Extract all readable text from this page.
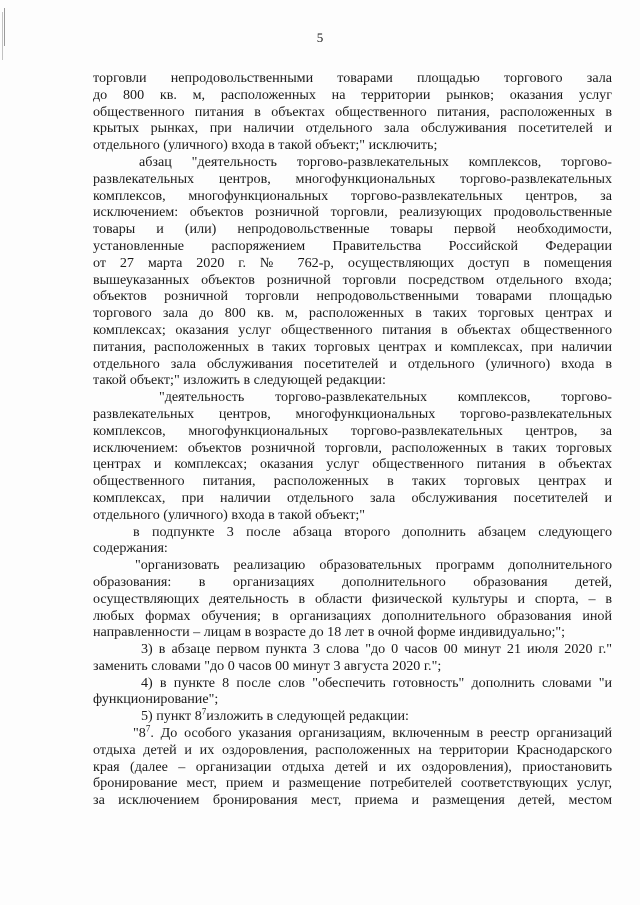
5
торговли непродовольственными товарами площадью торгового зала
до 800 кв. м, расположенных на территории рынков; оказания услуг
общественного питания в объектах общественного питания, расположенных в
крытых рынках, при наличии отдельного зала обслуживания посетителей и
отдельного (уличного) входа в такой объект;" исключить;
абзац "деятельность торгово-развлекательных комплексов, торгово-
развлекательных центров, многофункциональных торгово-развлекательных
комплексов, многофункциональных торгово-развлекательных центров, за
исключением: объектов розничной торговли, реализующих продовольственные
товары и (или) непродовольственные товары первой необходимости,
установленные распоряжением Правительства Российской Федерации
от 27 марта 2020 г. № 762-р, осуществляющих доступ в помещения
вышеуказанных объектов розничной торговли посредством отдельного входа;
объектов розничной торговли непродовольственными товарами площадью
торгового зала до 800 кв. м, расположенных в таких торговых центрах и
комплексах; оказания услуг общественного питания в объектах общественного
питания, расположенных в таких торговых центрах и комплексах, при наличии
отдельного зала обслуживания посетителей и отдельного (уличного) входа в
такой объект;" изложить в следующей редакции:
"деятельность торгово-развлекательных комплексов, торгово-
развлекательных центров, многофункциональных торгово-развлекательных
комплексов, многофункциональных торгово-развлекательных центров, за
исключением: объектов розничной торговли, расположенных в таких торговых
центрах и комплексах; оказания услуг общественного питания в объектах
общественного питания, расположенных в таких торговых центрах и
комплексах, при наличии отдельного зала обслуживания посетителей и
отдельного (уличного) входа в такой объект;"
в подпункте 3 после абзаца второго дополнить абзацем следующего
содержания:
"организовать реализацию образовательных программ дополнительного
образования: в организациях дополнительного образования детей,
осуществляющих деятельность в области физической культуры и спорта, – в
любых формах обучения; в организациях дополнительного образования иной
направленности – лицам в возрасте до 18 лет в очной форме индивидуально;";
3) в абзаце первом пункта 3 слова "до 0 часов 00 минут 21 июля 2020 г."
заменить словами "до 0 часов 00 минут 3 августа 2020 г.";
4) в пункте 8 после слов "обеспечить готовность" дополнить словами "и
функционирование";
5) пункт $8^7изложить$ в следующей редакции:
"$8^7$. До особого указания организациям, включенным в реестр организаций
отдыха детей и их оздоровления, расположенных на территории Краснодарского
края (далее – организации отдыха детей и их оздоровления), приостановить
бронирование мест, прием и размещение потребителей соответствующих услуг,
за исключением бронирования мест, приема и размещения детей, местом
